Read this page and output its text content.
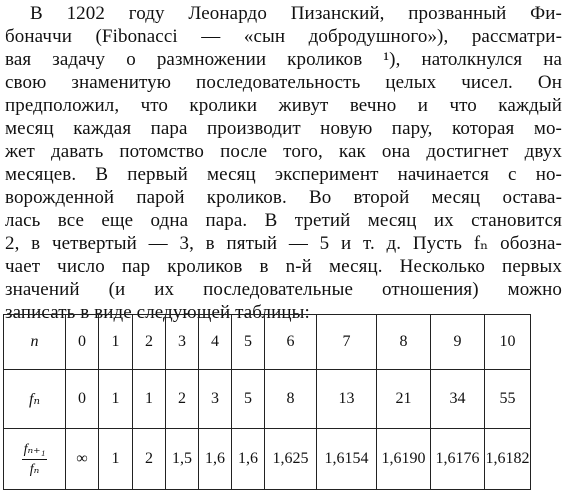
В 1202 году Леонардо Пизанский, прозванный Фи-
боначчи (Fibonacci — «сын добродушного»), рассматри-
вая задачу о размножении кроликов ¹), натолкнулся на
свою знаменитую последовательность целых чисел. Он
предположил, что кролики живут вечно и что каждый
месяц каждая пара производит новую пару, которая мо-
жет давать потомство после того, как она достигнет двух
месяцев. В первый месяц эксперимент начинается с но-
ворожденной парой кроликов. Во второй месяц остава-
лась все еще одна пара. В третий месяц их становится
2, в четвертый — 3, в пятый — 5 и т. д. Пусть fₙ обозна-
чает число пар кроликов в n-й месяц. Несколько первых
значений (и их последовательные отношения) можно
записать в виде следующей таблицы:
n	0	1	2	3	4	5	6	7	8	9	10
fₙ	0	1	1	2	3	5	8	13	21	34	55

$\frac{\text{fₙ₊₁}}{\text{fₙ}}$	∞	1	2	1,5	1,6	1,6	1,625	1,6154	1,6190	1,6176	1,6182
